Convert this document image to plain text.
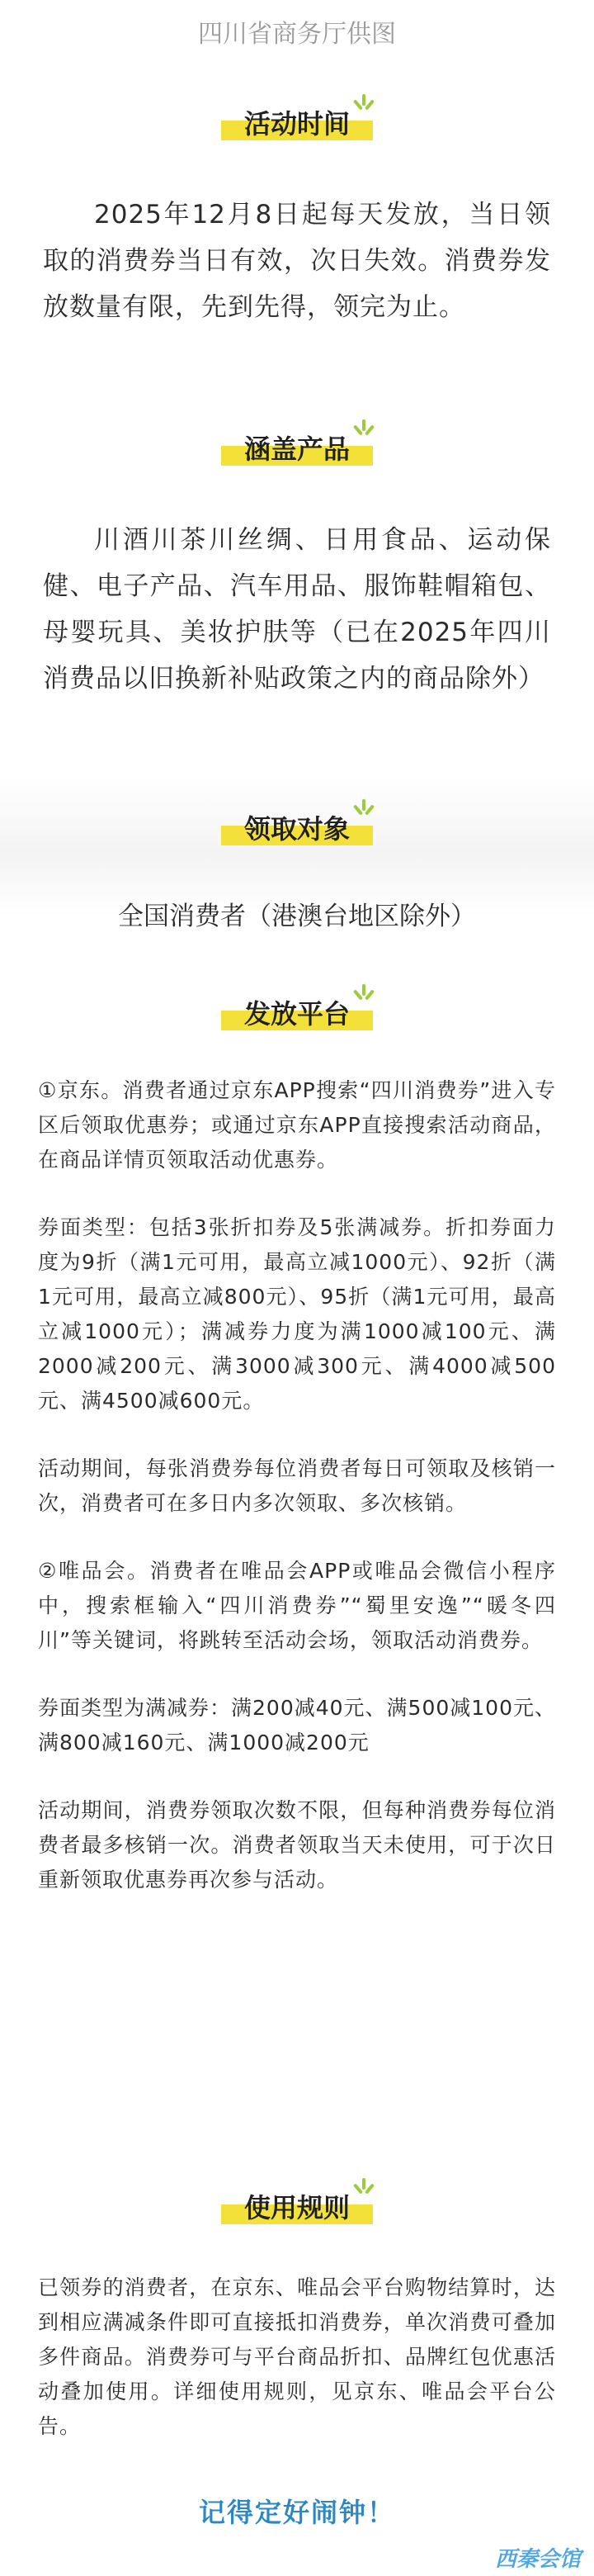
四川省商务厅供图
活动时间
2025年12月8日起每天发放，当日领取的消费券当日有效，次日失效。消费券发放数量有限，先到先得，领完为止。
涵盖产品
川酒川茶川丝绸、日用食品、运动保健、电子产品、汽车用品、服饰鞋帽箱包、母婴玩具、美妆护肤等（已在2025年四川消费品以旧换新补贴政策之内的商品除外）
领取对象
全国消费者（港澳台地区除外）
发放平台
①京东。消费者通过京东APP搜索“四川消费券”进入专区后领取优惠券；或通过京东APP直接搜索活动商品，在商品详情页领取活动优惠券。
券面类型：包括3张折扣券及5张满减券。折扣券面力度为9折（满1元可用，最高立减1000元）、92折（满1元可用，最高立减800元）、95折（满1元可用，最高立减1000元）；满减券力度为满1000减100元、满2000减200元、满3000减300元、满4000减500元、满4500减600元。
活动期间，每张消费券每位消费者每日可领取及核销一次，消费者可在多日内多次领取、多次核销。
②唯品会。消费者在唯品会APP或唯品会微信小程序中，搜索框输入“四川消费券”“蜀里安逸”“暖冬四川”等关键词，将跳转至活动会场，领取活动消费券。
券面类型为满减券：满200减40元、满500减100元、满800减160元、满1000减200元
活动期间，消费券领取次数不限，但每种消费券每位消费者最多核销一次。消费者领取当天未使用，可于次日重新领取优惠券再次参与活动。
使用规则
已领券的消费者，在京东、唯品会平台购物结算时，达到相应满减条件即可直接抵扣消费券，单次消费可叠加多件商品。消费券可与平台商品折扣、品牌红包优惠活动叠加使用。详细使用规则，见京东、唯品会平台公告。
记得定好闹钟！
西秦会馆
